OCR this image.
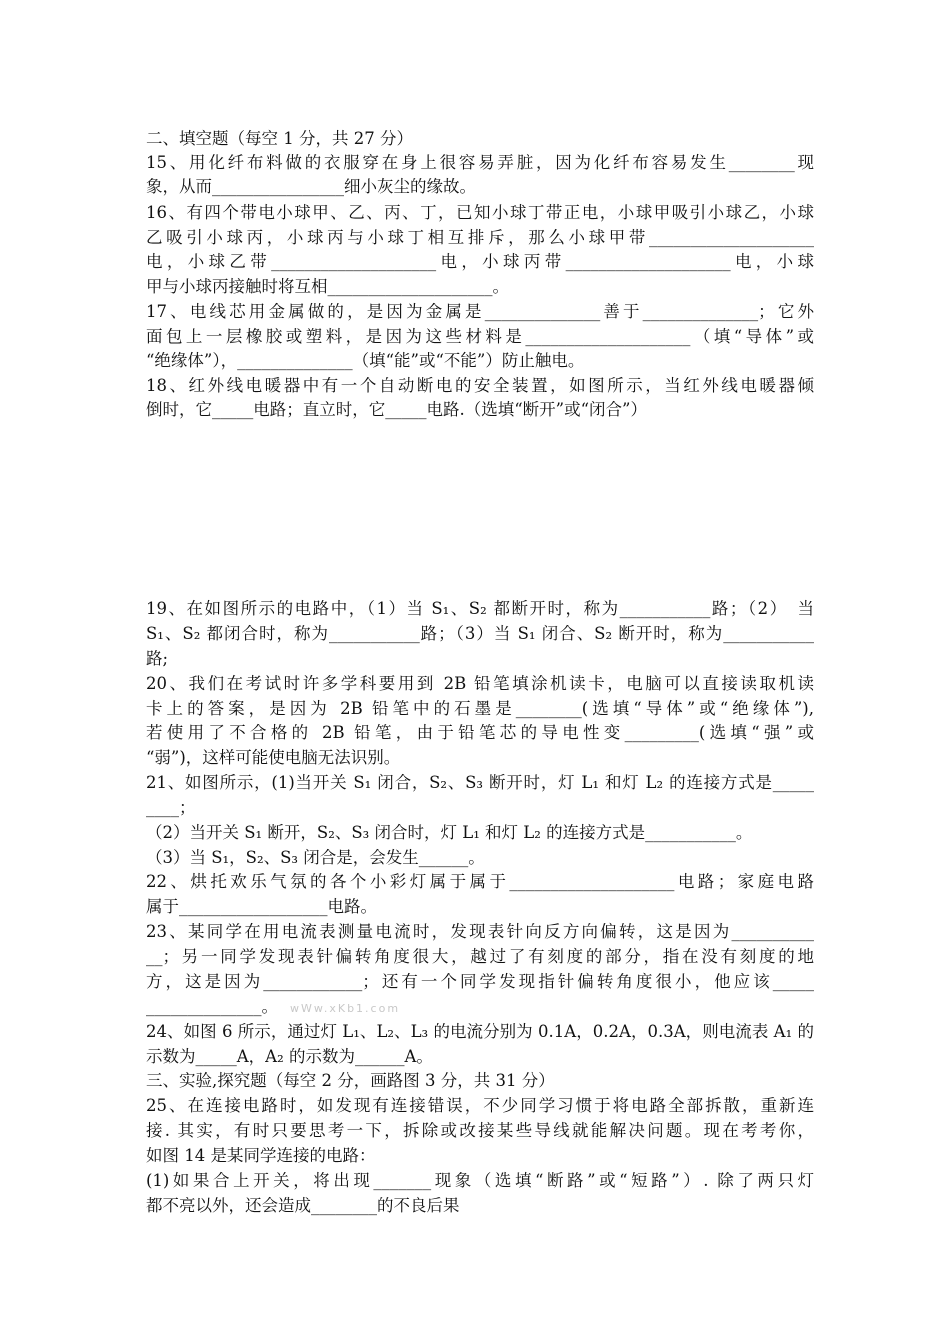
二、填空题（每空 1 分，共 27 分）
15、用化纤布料做的衣服穿在身上很容易弄脏，因为化纤布容易发生________现
象，从而________________细小灰尘的缘故。
16、有四个带电小球甲、乙、丙、丁，已知小球丁带正电，小球甲吸引小球乙，小球
乙吸引小球丙，小球丙与小球丁相互排斥，那么小球甲带____________________
电，小球乙带____________________电，小球丙带____________________电，小球
甲与小球丙接触时将互相____________________。
17、电线芯用金属做的，是因为金属是______________善于______________；它外
面包上一层橡胶或塑料，是因为这些材料是____________________（填“导体”或
“绝缘体”），______________（填“能”或“不能”）防止触电。
18、红外线电暖器中有一个自动断电的安全装置，如图所示，当红外线电暖器倾
倒时，它_____电路；直立时，它_____电路.（选填“断开”或“闭合”）
19、在如图所示的电路中，（1）当 S₁、S₂ 都断开时，称为___________路；（2）　当
S₁、S₂ 都闭合时，称为___________路；（3）当 S₁ 闭合、S₂ 断开时，称为___________
路;
20、我们在考试时许多学科要用到 2B 铅笔填涂机读卡，电脑可以直接读取机读
卡上的答案，是因为 2B 铅笔中的石墨是________(选填“导体”或“绝缘体”),
若使用了不合格的 2B 铅笔，由于铅笔芯的导电性变_________(选填“强”或
“弱”)，这样可能使电脑无法识别。
21、如图所示，(1)当开关 S₁ 闭合，S₂、S₃ 断开时，灯 L₁ 和灯 L₂ 的连接方式是_____
____；
（2）当开关 S₁ 断开，S₂、S₃ 闭合时，灯 L₁ 和灯 L₂ 的连接方式是___________。
（3）当 S₁，S₂、S₃ 闭合是，会发生______。
22、烘托欢乐气氛的各个小彩灯属于属于____________________电路；家庭电路
属于__________________电路。
23、某同学在用电流表测量电流时，发现表针向反方向偏转，这是因为__________
__；另一同学发现表针偏转角度很大，越过了有刻度的部分，指在没有刻度的地
方，这是因为____________；还有一个同学发现指针偏转角度很小，他应该_____
______________。
24、如图 6 所示，通过灯 L₁、L₂、L₃ 的电流分别为 0.1A，0.2A，0.3A，则电流表 A₁ 的
示数为_____A，A₂ 的示数为______A。
三、实验,探究题（每空 2 分，画路图 3 分，共 31 分）
25、在连接电路时，如发现有连接错误，不少同学习惯于将电路全部拆散，重新连
接. 其实，有时只要思考一下，拆除或改接某些导线就能解决问题。现在考考你，
如图 14 是某同学连接的电路：
(1)如果合上开关，将出现_______现象（选填“断路”或“短路”）. 除了两只灯
都不亮以外，还会造成________的不良后果
wWw.xKb1.com
